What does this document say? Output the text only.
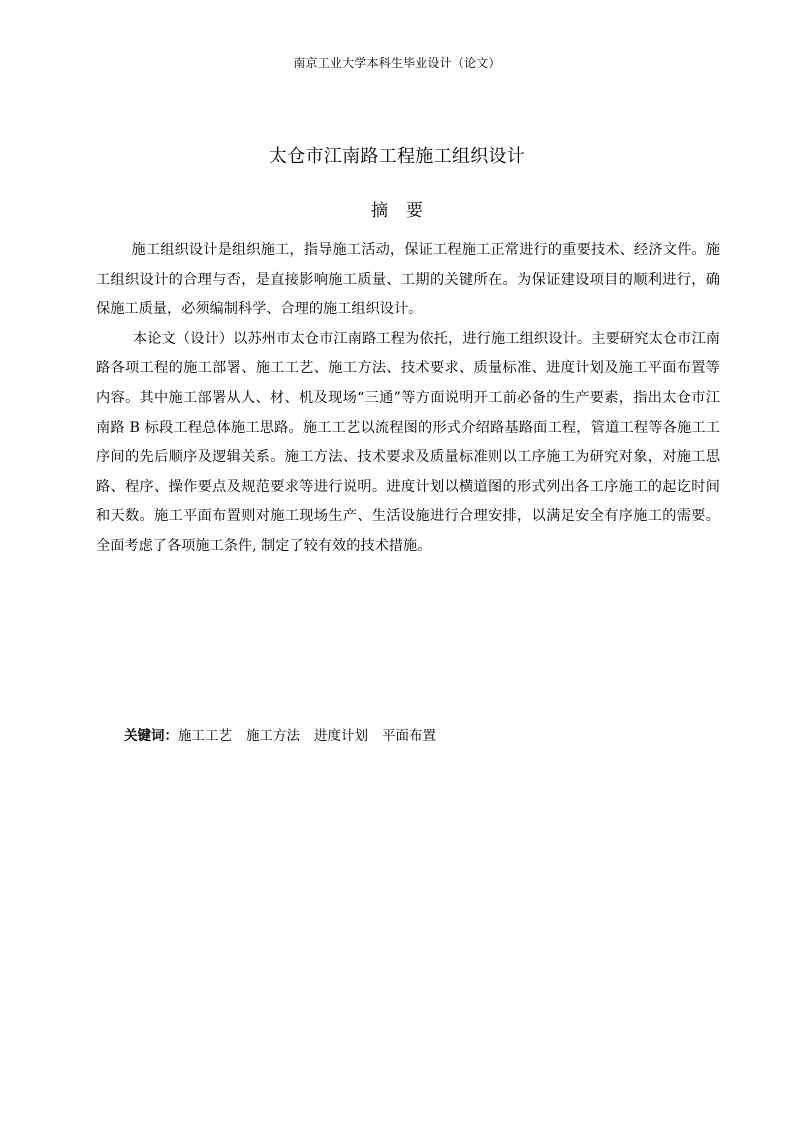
南京工业大学本科生毕业设计（论文）
太仓市江南路工程施工组织设计
摘 要

施工组织设计是组织施工，指导施工活动，保证工程施工正常进行的重要技术、经济文件。施工组织设计的合理与否，是直接影响施工质量、工期的关键所在。为保证建设项目的顺利进行，确保施工质量，必须编制科学、合理的施工组织设计。

本论文（设计）以苏州市太仓市江南路工程为依托，进行施工组织设计。主要研究太仓市江南路各项工程的施工部署、施工工艺、施工方法、技术要求、质量标准、进度计划及施工平面布置等内容。其中施工部署从人、材、机及现场“三通”等方面说明开工前必备的生产要素，指出太仓市江南路 B 标段工程总体施工思路。施工工艺以流程图的形式介绍路基路面工程，管道工程等各施工工序间的先后顺序及逻辑关系。施工方法、技术要求及质量标准则以工序施工为研究对象，对施工思路、程序、操作要点及规范要求等进行说明。进度计划以横道图的形式列出各工序施工的起讫时间和天数。施工平面布置则对施工现场生产、生活设施进行合理安排，以满足安全有序施工的需要。全面考虑了各项施工条件, 制定了较有效的技术措施。

关键词：施工工艺 施工方法 进度计划 平面布置
